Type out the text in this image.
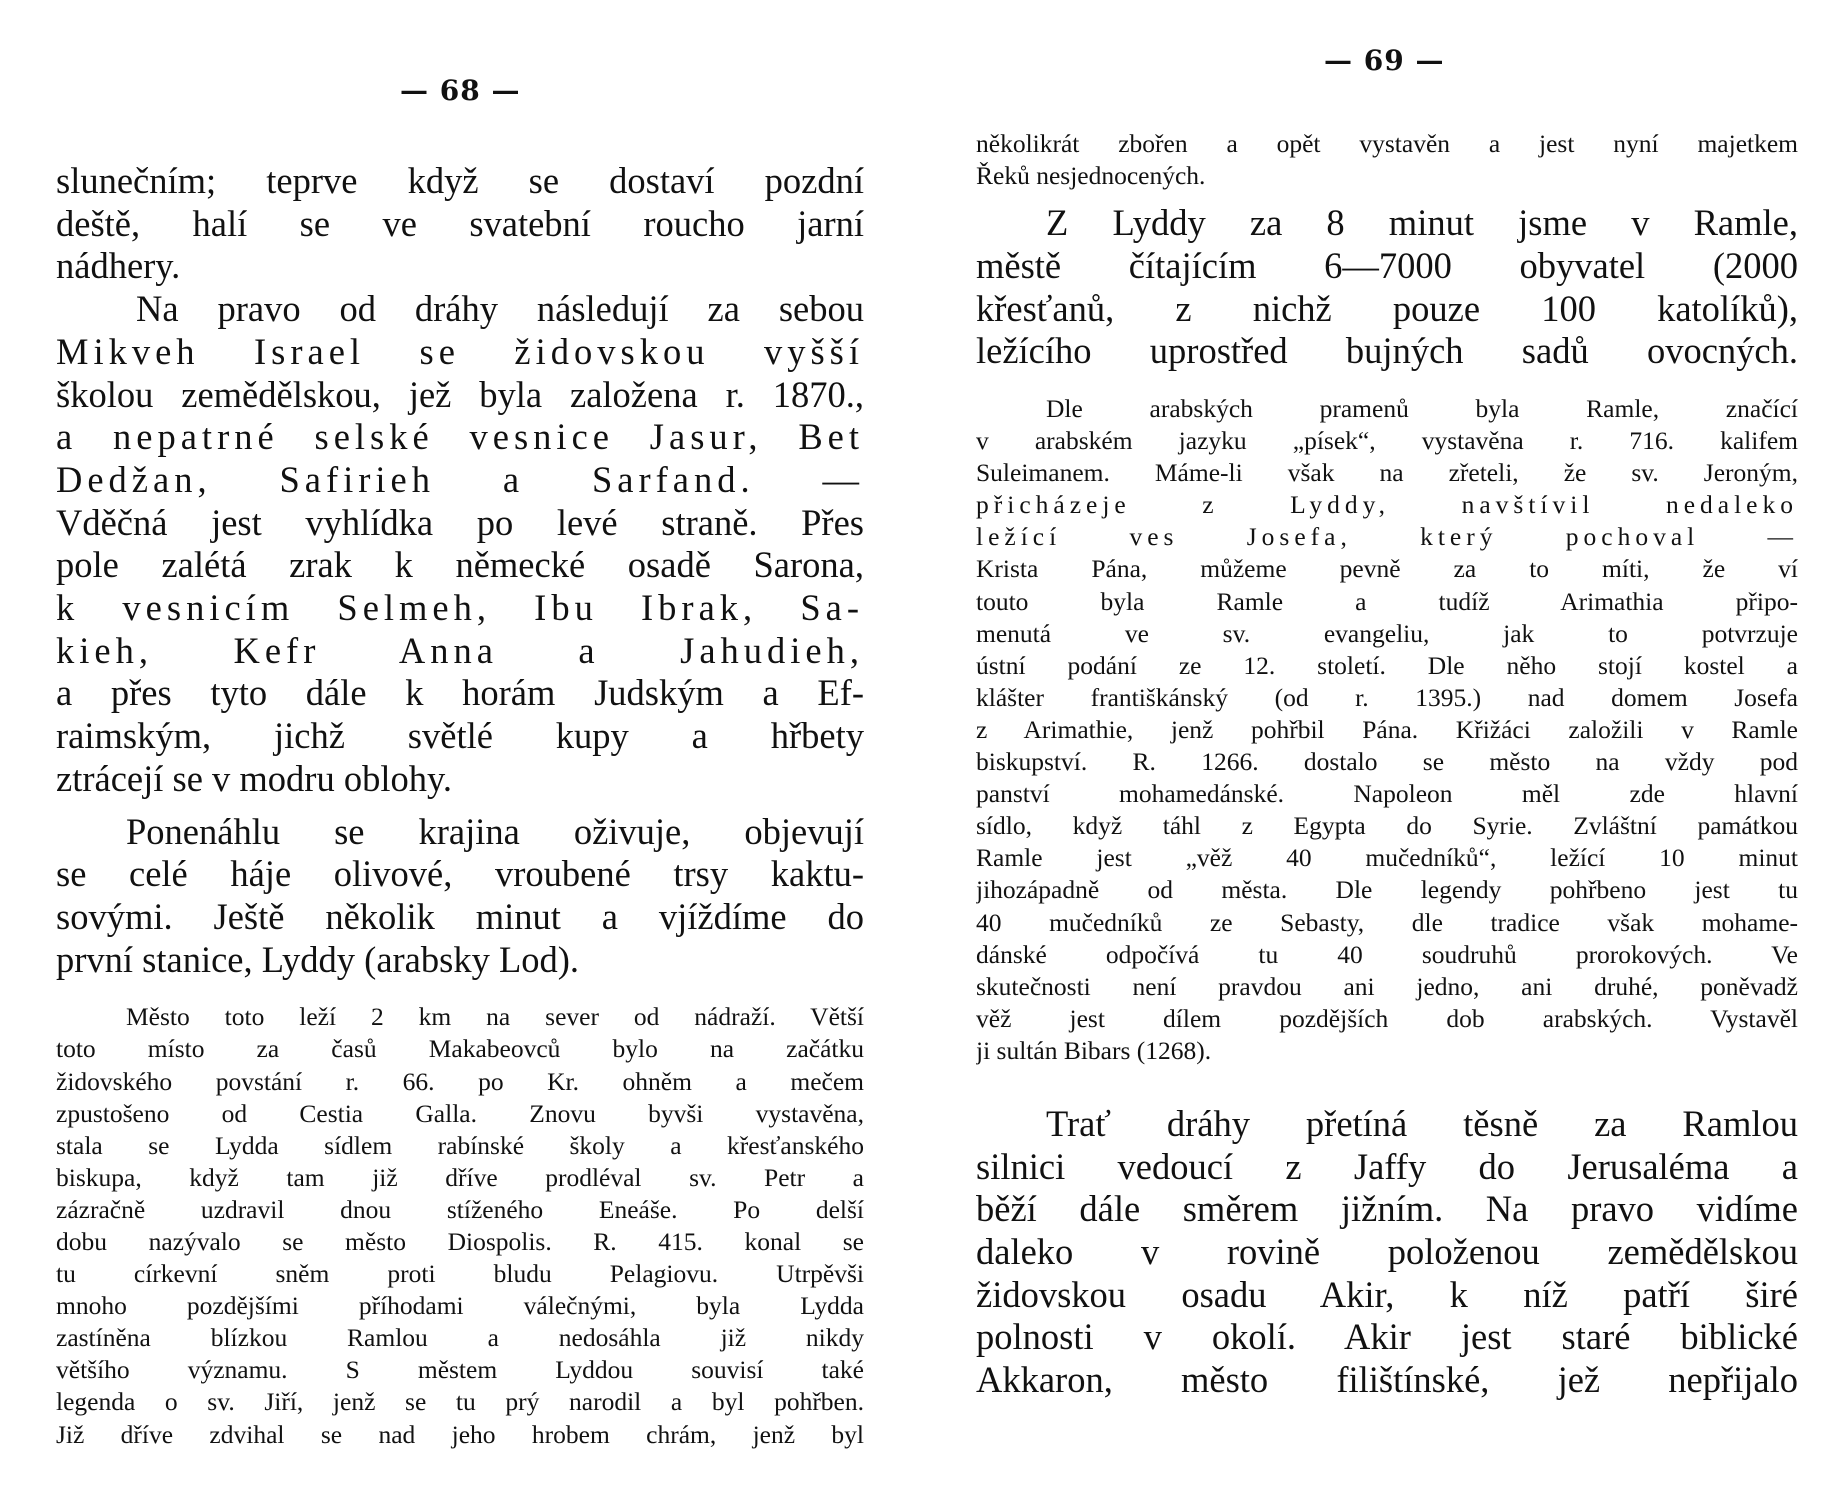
— 68 —
slunečním; teprve když se dostaví pozdní
deště, halí se ve svatební roucho jarní
nádhery.
Na pravo od dráhy následují za sebou
Mikveh Israel se židovskou vyšší
školou zemědělskou, jež byla založena r. 1870.,
a nepatrné selské vesnice Jasur, Bet
Dedžan, Safirieh a Sarfand. —
Vděčná jest vyhlídka po levé straně. Přes
pole zalétá zrak k německé osadě Sarona,
k vesnicím Selmeh, Ibu Ibrak, Sa-
kieh, Kefr Anna a Jahudieh,
a přes tyto dále k horám Judským a Ef-
raimským, jichž světlé kupy a hřbety
ztrácejí se v modru oblohy.
Ponenáhlu se krajina oživuje, objevují
se celé háje olivové, vroubené trsy kaktu-
sovými. Ještě několik minut a vjíždíme do
první stanice, Lyddy (arabsky Lod).
Město toto leží 2 km na sever od nádraží. Větší
toto místo za časů Makabeovců bylo na začátku
židovského povstání r. 66. po Kr. ohněm a mečem
zpustošeno od Cestia Galla. Znovu byvši vystavěna,
stala se Lydda sídlem rabínské školy a křesťanského
biskupa, když tam již dříve prodléval sv. Petr a
zázračně uzdravil dnou stíženého Eneáše. Po delší
dobu nazývalo se město Diospolis. R. 415. konal se
tu církevní sněm proti bludu Pelagiovu. Utrpěvši
mnoho pozdějšími příhodami válečnými, byla Lydda
zastíněna blízkou Ramlou a nedosáhla již nikdy
většího významu. S městem Lyddou souvisí také
legenda o sv. Jiří, jenž se tu prý narodil a byl pohřben.
Již dříve zdvihal se nad jeho hrobem chrám, jenž byl
— 69 —
několikrát zbořen a opět vystavěn a jest nyní majetkem
Řeků nesjednocených.
Z Lyddy za 8 minut jsme v Ramle,
městě čítajícím 6—7000 obyvatel (2000
křesťanů, z nichž pouze 100 katolíků),
ležícího uprostřed bujných sadů ovocných.
Dle arabských pramenů byla Ramle, značící
v arabském jazyku „písek“, vystavěna r. 716. kalifem
Suleimanem. Máme-li však na zřeteli, že sv. Jeroným,
přicházeje z Lyddy, navštívil nedaleko
ležící ves Josefa, který pochoval —
Krista Pána, můžeme pevně za to míti, že ví
touto byla Ramle a tudíž Arimathia připo-
menutá ve sv. evangeliu, jak to potvrzuje
ústní podání ze 12. století. Dle něho stojí kostel a
klášter františkánský (od r. 1395.) nad domem Josefa
z Arimathie, jenž pohřbil Pána. Křižáci založili v Ramle
biskupství. R. 1266. dostalo se město na vždy pod
panství mohamedánské. Napoleon měl zde hlavní
sídlo, když táhl z Egypta do Syrie. Zvláštní památkou
Ramle jest „věž 40 mučedníků“, ležící 10 minut
jihozápadně od města. Dle legendy pohřbeno jest tu
40 mučedníků ze Sebasty, dle tradice však mohame-
dánské odpočívá tu 40 soudruhů prorokových. Ve
skutečnosti není pravdou ani jedno, ani druhé, poněvadž
věž jest dílem pozdějších dob arabských. Vystavěl
ji sultán Bibars (1268).
Trať dráhy přetíná těsně za Ramlou
silnici vedoucí z Jaffy do Jerusaléma a
běží dále směrem jižním. Na pravo vidíme
daleko v rovině položenou zemědělskou
židovskou osadu Akir, k níž patří širé
polnosti v okolí. Akir jest staré biblické
Akkaron, město filištínské, jež nepřijalo
